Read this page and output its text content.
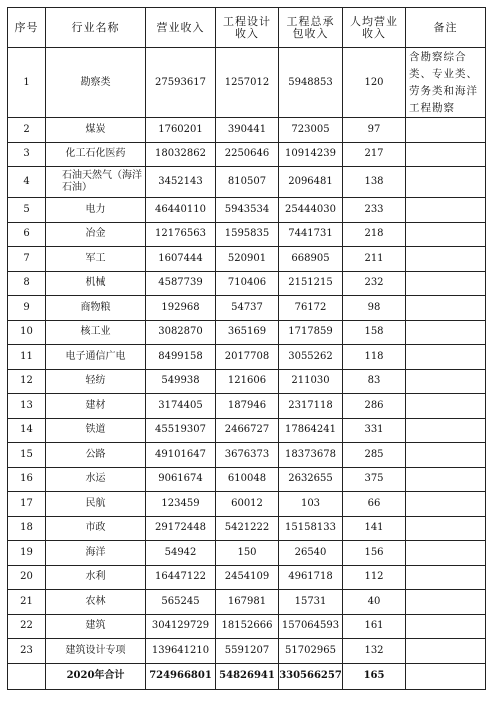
序号	行业名称	营业收入	工程设计收入	工程总承包收入	人均营业收入	备注
1	勘察类	27593617	1257012	5948853	120	含勘察综合类、专业类、劳务类和海洋工程勘察
2	煤炭	1760201	390441	723005	97	
3	化工石化医药	18032862	2250646	10914239	217	
4	石油天然气（海洋石油）	3452143	810507	2096481	138	
5	电力	46440110	5943534	25444030	233	
6	冶金	12176563	1595835	7441731	218	
7	军工	1607444	520901	668905	211	
8	机械	4587739	710406	2151215	232	
9	商物粮	192968	54737	76172	98	
10	核工业	3082870	365169	1717859	158	
11	电子通信广电	8499158	2017708	3055262	118	
12	轻纺	549938	121606	211030	83	
13	建材	3174405	187946	2317118	286	
14	铁道	45519307	2466727	17864241	331	
15	公路	49101647	3676373	18373678	285	
16	水运	9061674	610048	2632655	375	
17	民航	123459	60012	103	66	
18	市政	29172448	5421222	15158133	141	
19	海洋	54942	150	26540	156	
20	水利	16447122	2454109	4961718	112	
21	农林	565245	167981	15731	40	
22	建筑	304129729	18152666	157064593	161	
23	建筑设计专项	139641210	5591207	51702965	132	
	2020年合计	724966801	54826941	330566257	165	
